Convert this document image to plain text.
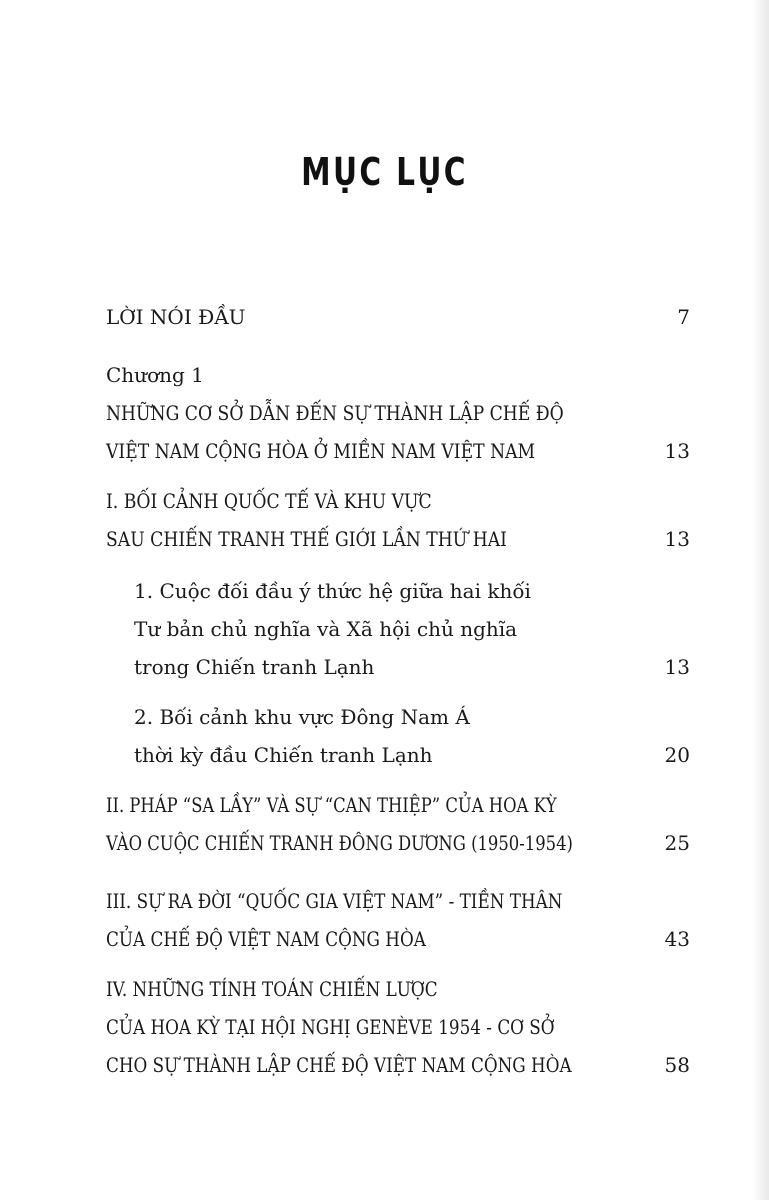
MỤC LỤC
LỜI NÓI ĐẦU	7
Chương 1
NHỮNG CƠ SỞ DẪN ĐẾN SỰ THÀNH LẬP CHẾ ĐỘ
VIỆT NAM CỘNG HÒA Ở MIỀN NAM VIỆT NAM	13
I. BỐI CẢNH QUỐC TẾ VÀ KHU VỰC
SAU CHIẾN TRANH THẾ GIỚI LẦN THỨ HAI	13
1. Cuộc đối đầu ý thức hệ giữa hai khối
Tư bản chủ nghĩa và Xã hội chủ nghĩa
trong Chiến tranh Lạnh	13
2. Bối cảnh khu vực Đông Nam Á
thời kỳ đầu Chiến tranh Lạnh	20
II. PHÁP “SA LẦY” VÀ SỰ “CAN THIỆP” CỦA HOA KỲ
VÀO CUỘC CHIẾN TRANH ĐÔNG DƯƠNG (1950-1954)	25
III. SỰ RA ĐỜI “QUỐC GIA VIỆT NAM” - TIỀN THÂN
CỦA CHẾ ĐỘ VIỆT NAM CỘNG HÒA	43
IV. NHỮNG TÍNH TOÁN CHIẾN LƯỢC
CỦA HOA KỲ TẠI HỘI NGHỊ GENÈVE 1954 - CƠ SỞ
CHO SỰ THÀNH LẬP CHẾ ĐỘ VIỆT NAM CỘNG HÒA	58
